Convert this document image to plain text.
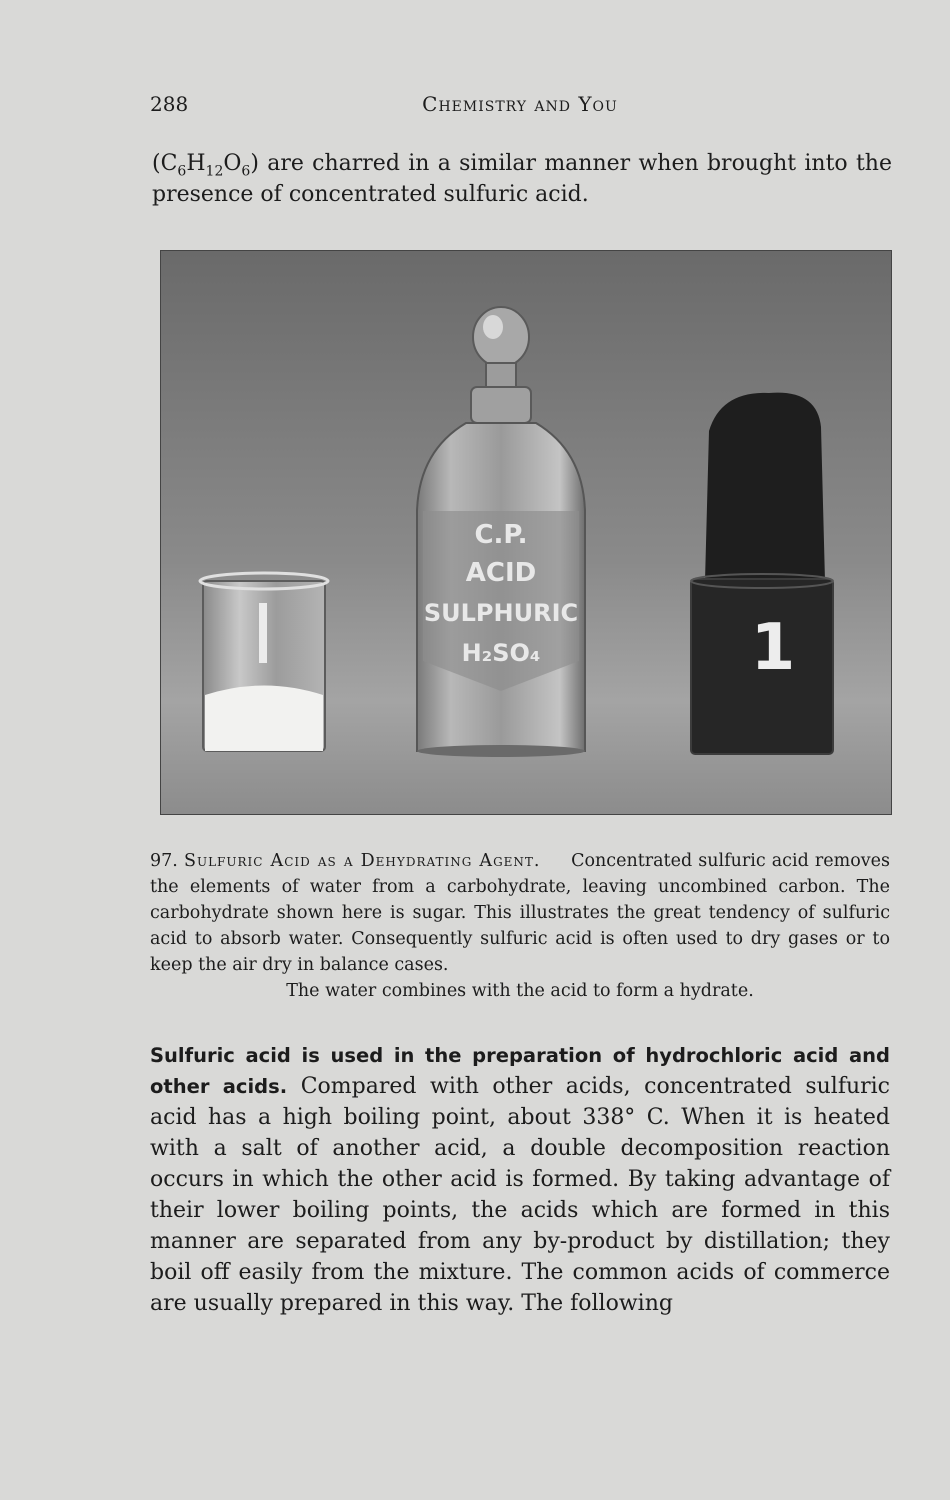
288	Chemistry and You
$(C_6H_{12}O_6)$ are charred in a similar manner when brought into the presence of concentrated sulfuric acid.
C.P.
ACID
SULPHURIC
H₂SO₄	1
97. Sulfuric Acid as a Dehydrating Agent. Concentrated sulfuric acid removes the elements of water from a carbohydrate, leaving uncombined carbon. The carbohydrate shown here is sugar. This illustrates the great tendency of sulfuric acid to absorb water. Consequently sulfuric acid is often used to dry gases or to keep the air dry in balance cases.
The water combines with the acid to form a hydrate.
Sulfuric acid is used in the preparation of hydrochloric acid and other acids. Compared with other acids, concentrated sulfuric acid has a high boiling point, about 338° C. When it is heated with a salt of another acid, a double decomposition reaction occurs in which the other acid is formed. By taking advantage of their lower boiling points, the acids which are formed in this manner are separated from any by-product by distillation; they boil off easily from the mixture. The common acids of commerce are usually prepared in this way. The following
